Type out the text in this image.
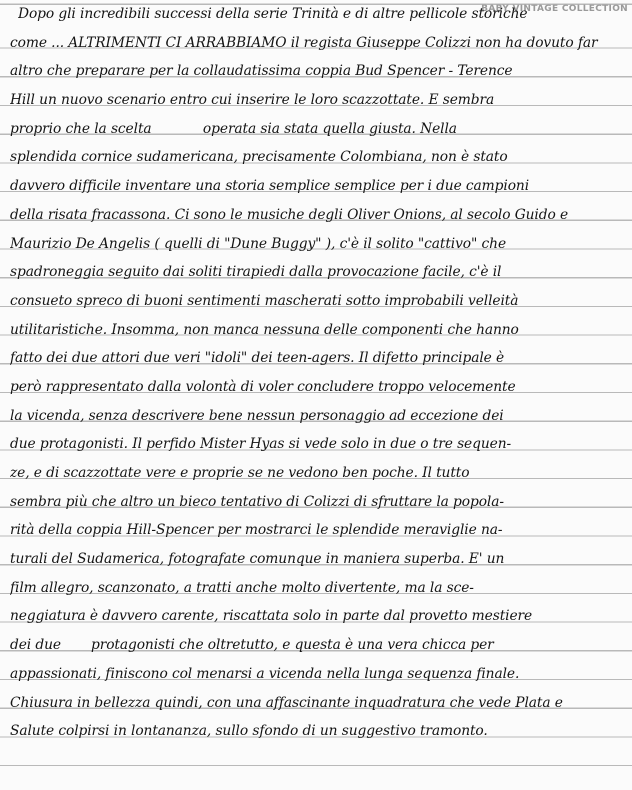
BABY VINTAGE COLLECTION
Dopo gli incredibili successi della serie Trinità e di altre pellicole storiche
come ... ALTRIMENTI CI ARRABBIAMO il regista Giuseppe Colizzi non ha dovuto far
altro che preparare per la collaudatissima coppia Bud Spencer - Terence
Hill un nuovo scenario entro cui inserire le loro scazzottate. E sembra
proprio che la scelta            operata sia stata quella giusta. Nella
splendida cornice sudamericana, precisamente Colombiana, non è stato
davvero difficile inventare una storia semplice semplice per i due campioni
della risata fracassona. Ci sono le musiche degli Oliver Onions, al secolo Guido e
Maurizio De Angelis ( quelli di "Dune Buggy" ), c'è il solito "cattivo" che
spadroneggia seguito dai soliti tirapiedi dalla provocazione facile, c'è il
consueto spreco di buoni sentimenti mascherati sotto improbabili velleità
utilitaristiche. Insomma, non manca nessuna delle componenti che hanno
fatto dei due attori due veri "idoli" dei teen-agers. Il difetto principale è
però rappresentato dalla volontà di voler concludere troppo velocemente
la vicenda, senza descrivere bene nessun personaggio ad eccezione dei
due protagonisti. Il perfido Mister Hyas si vede solo in due o tre sequen-
ze, e di scazzottate vere e proprie se ne vedono ben poche. Il tutto
sembra più che altro un bieco tentativo di Colizzi di sfruttare la popola-
rità della coppia Hill-Spencer per mostrarci le splendide meraviglie na-
turali del Sudamerica, fotografate comunque in maniera superba. E' un
film allegro, scanzonato, a tratti anche molto divertente, ma la sce-
neggiatura è davvero carente, riscattata solo in parte dal provetto mestiere
dei due       protagonisti che oltretutto, e questa è una vera chicca per
appassionati, finiscono col menarsi a vicenda nella lunga sequenza finale.
Chiusura in bellezza quindi, con una affascinante inquadratura che vede Plata e
Salute colpirsi in lontananza, sullo sfondo di un suggestivo tramonto.
